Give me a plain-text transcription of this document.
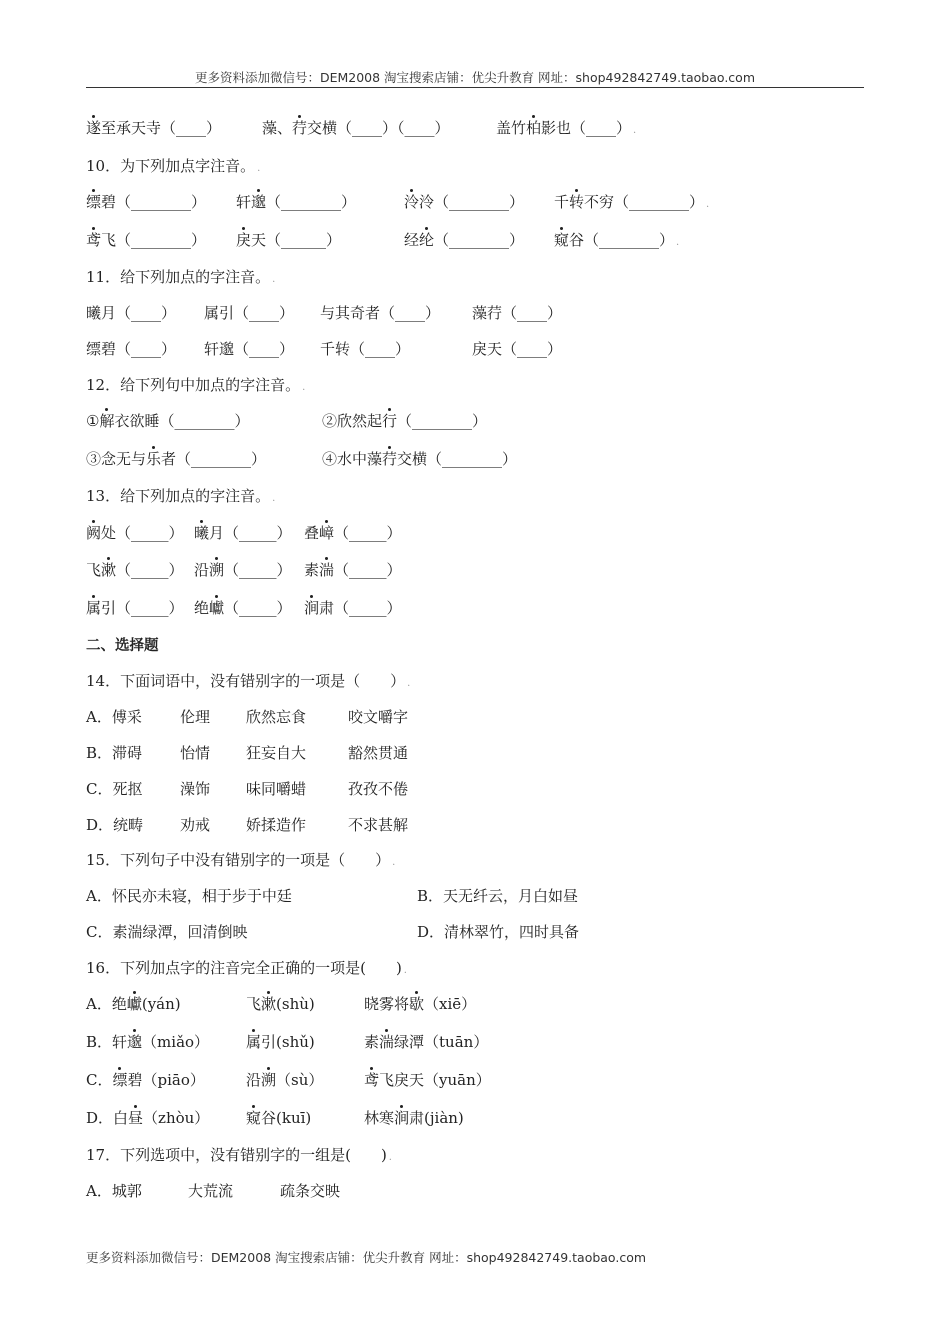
更多资料添加微信号：DEM2008 淘宝搜索店铺：优尖升教育 网址：shop492842749.taobao.com
更多资料添加微信号：DEM2008 淘宝搜索店铺：优尖升教育 网址：shop492842749.taobao.com
遂至承天寺（____）	藻、荇交横（____）（____）	盖竹柏影也（____） .
10．为下列加点字注音。 .
缥碧（________） 轩邈（________）	泠泠（________） 千转不穷（________） .
鸢飞（________） 戾天（______）	经纶（________） 窥谷（________） .
11．给下列加点的字注音。 .
曦月（____） 属引（____） 与其奇者（____） 藻荇（____）
缥碧（____） 轩邈（____） 千转（____）	戾天（____）
12．给下列句中加点的字注音。 .
①解衣欲睡（________）	②欣然起行（________）
③念无与乐者（________）	④水中藻荇交横（________）
13．给下列加点的字注音。 .
阙处（_____） 曦月（_____） 叠嶂（_____）
飞漱（_____） 沿溯（_____） 素湍（_____）
属引（_____） 绝巘（_____） 涧肃（_____）
二、选择题
14．下面词语中，没有错别字的一项是（　　） .
A．傅采	伦理 欣然忘食	咬文嚼字
B．滞碍	怡情 狂妄自大	豁然贯通
C．死抠	澡饰 味同嚼蜡	孜孜不倦
D．统畴 劝戒 娇揉造作	不求甚解
15．下列句子中没有错别字的一项是（　　） .
A．怀民亦未寝，相于步于中廷	B．天无纤云，月白如昼
C．素湍绿潭，回清倒映	D．清林翠竹，四时具备
16．下列加点字的注音完全正确的一项是(　　) .
A．绝巘(yán)	飞漱(shù)	晓雾将歇（xiē）
B．轩邈（miǎo） 属引(shǔ)	素湍绿潭（tuān）
C．缥碧（piāo）	沿溯（sù）	鸢飞戾天（yuān）
D．白昼（zhòu） 窥谷(kuī)	林寒涧肃(jiàn)
17．下列选项中，没有错别字的一组是(　　) .
A．城郭	大荒流	疏条交映
